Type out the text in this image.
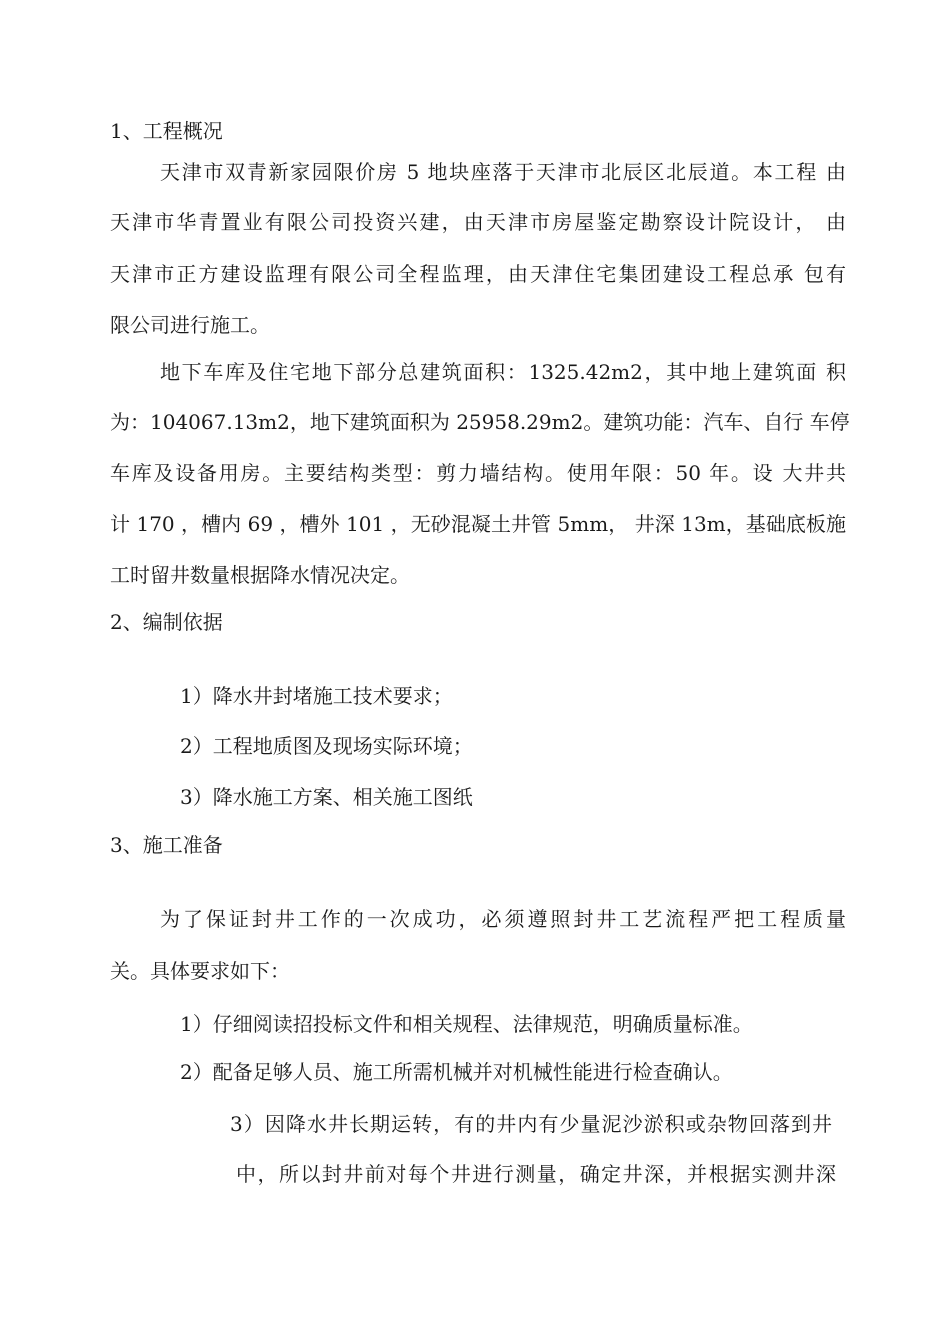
1、工程概况
天津市双青新家园限价房 5 地块座落于天津市北辰区北辰道。本工程 由
天津市华青置业有限公司投资兴建，由天津市房屋鉴定勘察设计院设计， 由
天津市正方建设监理有限公司全程监理，由天津住宅集团建设工程总承 包有
限公司进行施工。
地下车库及住宅地下部分总建筑面积：1325.42m2，其中地上建筑面 积
为：104067.13m2，地下建筑面积为 25958.29m2。建筑功能：汽车、自行 车停
车库及设备用房。主要结构类型：剪力墙结构。使用年限：50 年。设 大井共
计 170 ，槽内 69 ，槽外 101 ，无砂混凝土井管 5mm， 井深 13m，基础底板施
工时留井数量根据降水情况决定。
2、编制依据
1）降水井封堵施工技术要求；
2）工程地质图及现场实际环境；
3）降水施工方案、相关施工图纸
3、施工准备
为了保证封井工作的一次成功，必须遵照封井工艺流程严把工程质量
关。具体要求如下：
1）仔细阅读招投标文件和相关规程、法律规范，明确质量标准。
2）配备足够人员、施工所需机械并对机械性能进行检查确认。
3）因降水井长期运转，有的井内有少量泥沙淤积或杂物回落到井
中，所以封井前对每个井进行测量，确定井深，并根据实测井深
